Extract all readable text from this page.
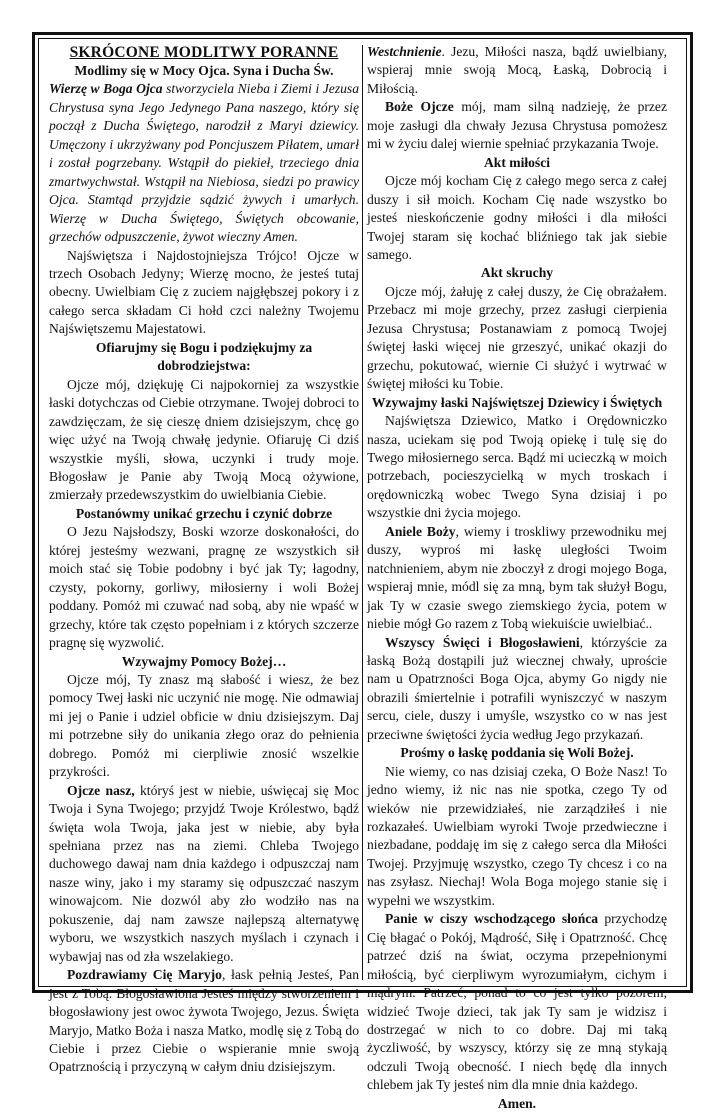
SKRÓCONE MODLITWY PORANNE
Modlimy się w Mocy Ojca. Syna i Ducha Św.

Wierzę w Boga Ojca stworzyciela Nieba i Ziemi i Jezusa Chrystusa syna Jego Jedynego Pana naszego, który się począł z Ducha Świętego, narodził z Maryi dziewicy. Umęczony i ukrzyżwany pod Poncjuszem Piłatem, umarł i został pogrzebany. Wstąpił do piekieł, trzeciego dnia zmartwychwstał. Wstąpił na Niebiosa, siedzi po prawicy Ojca. Stamtąd przyjdzie sądzić żywych i umarłych. Wierzę w Ducha Świętego, Świętych obcowanie, grzechów odpuszczenie, żywot wieczny Amen.

Najświętsza i Najdostojniejsza Trójco! Ojcze w trzech Osobach Jedyny; Wierzę mocno, że jesteś tutaj obecny. Uwielbiam Cię z zuciem najgłębszej pokory i z całego serca składam Ci hołd czci należny Twojemu Najświętszemu Majestatowi.

Ofiarujmy się Bogu i podziękujmy za dobrodziejstwa:

Ojcze mój, dziękuję Ci najpokorniej za wszystkie łaski dotychczas od Ciebie otrzymane. Twojej dobroci to zawdzięczam, że się cieszę dniem dzisiejszym, chcę go więc użyć na Twoją chwałę jedynie. Ofiaruję Ci dziś wszystkie myśli, słowa, uczynki i trudy moje. Błogosław je Panie aby Twoją Mocą ożywione, zmierzały przedewszystkim do uwielbiania Ciebie.

Postanówmy unikać grzechu i czynić dobrze

O Jezu Najsłodszy, Boski wzorze doskonałości, do której jesteśmy wezwani, pragnę ze wszystkich sił moich stać się Tobie podobny i być jak Ty; łagodny, czysty, pokorny, gorliwy, miłosierny i woli Bożej poddany. Pomóż mi czuwać nad sobą, aby nie wpaść w grzechy, które tak często popełniam i z których szczerze pragnę się wyzwolić.

Wzywajmy Pomocy Bożej…

Ojcze mój, Ty znasz mą słabość i wiesz, że bez pomocy Twej łaski nic uczynić nie mogę. Nie odmawiaj mi jej o Panie i udziel obficie w dniu dzisiejszym. Daj mi potrzebne siły do unikania złego oraz do pełnienia dobrego. Pomóż mi cierpliwie znosić wszelkie przykrości.

Ojcze nasz, któryś jest w niebie, uświęcaj się Moc Twoja i Syna Twojego; przyjdź Twoje Królestwo, bądź święta wola Twoja, jaka jest w niebie, aby była spełniana przez nas na ziemi. Chleba Twojego duchowego dawaj nam dnia każdego i odpuszczaj nam nasze winy, jako i my staramy się odpuszczać naszym winowajcom. Nie dozwól aby zło wodziło nas na pokuszenie, daj nam zawsze najlepszą alternatywę wyboru, we wszystkich naszych myślach i czynach i wybawjaj nas od zła wszelakiego.

Pozdrawiamy Cię Maryjo, łask pełnią Jesteś, Pan jest z Tobą. Błogosławiona Jesteś między stworzeniem i błogosławiony jest owoc żywota Twojego, Jezus. Święta Maryjo, Matko Boża i nasza Matko, modlę się z Tobą do Ciebie i przez Ciebie o wspieranie mnie swoją Opatrznością i przyczyną w całym dniu dzisiejszym.

Westchnienie. Jezu, Miłości nasza, bądź uwielbiany, wspieraj mnie swoją Mocą, Łaską, Dobrocią i Miłością.

Boże Ojcze mój, mam silną nadzieję, że przez moje zasługi dla chwały Jezusa Chrystusa pomożesz mi w życiu dalej wiernie spełniać przykazania Twoje.

Akt miłości

Ojcze mój kocham Cię z całego mego serca z całej duszy i sił moich. Kocham Cię nade wszystko bo jesteś nieskończenie godny miłości i dla miłości Twojej staram się kochać bliźniego tak jak siebie samego.

Akt skruchy

Ojcze mój, żałuję z całej duszy, że Cię obrażałem. Przebacz mi moje grzechy, przez zasługi cierpienia Jezusa Chrystusa; Postanawiam z pomocą Twojej świętej łaski więcej nie grzeszyć, unikać okazji do grzechu, pokutować, wiernie Ci służyć i wytrwać w świętej miłości ku Tobie.

Wzywajmy łaski Najświętszej Dziewicy i Świętych

Najświętsza Dziewico, Matko i Orędowniczko nasza, uciekam się pod Twoją opiekę i tulę się do Twego miłosiernego serca. Bądź mi ucieczką w moich potrzebach, pocieszycielką w mych troskach i orędowniczką wobec Twego Syna dzisiaj i po wszystkie dni życia mojego.

Aniele Boży, wiemy i troskliwy przewodniku mej duszy, wyproś mi łaskę uległości Twoim natchnieniem, abym nie zboczył z drogi mojego Boga, wspieraj mnie, módl się za mną, bym tak służył Bogu, jak Ty w czasie swego ziemskiego życia, potem w niebie mógł Go razem z Tobą wiekuiście uwielbiać..

Wszyscy Święci i Błogosławieni, którzyście za łaską Bożą dostąpili już wiecznej chwały, uproście nam u Opatrzności Boga Ojca, abymy Go nigdy nie obrazili śmiertelnie i potrafili wyniszczyć w naszym sercu, ciele, duszy i umyśle, wszystko co w nas jest przeciwne świętości życia według Jego przykazań.

Prośmy o łaskę poddania się Woli Bożej.

Nie wiemy, co nas dzisiaj czeka, O Boże Nasz! To jedno wiemy, iż nic nas nie spotka, czego Ty od wieków nie przewidziałeś, nie zarządziłeś i nie rozkazałeś. Uwielbiam wyroki Twoje przedwieczne i niezbadane, poddaję im się z całego serca dla Miłości Twojej. Przyjmuję wszystko, czego Ty chcesz i co na nas zsyłasz. Niechaj! Wola Boga mojego stanie się i wypełni we wszystkim.

Panie w ciszy wschodzącego słońca przychodzę Cię błagać o Pokój, Mądrość, Siłę i Opatrzność. Chcę patrzeć dziś na świat, oczyma przepełnionymi miłością, być cierpliwym wyrozumiałym, cichym i mądrym. Patrzeć, ponad to co jest tylko pozorem, widzieć Twoje dzieci, tak jak Ty sam je widzisz i dostrzegać w nich to co dobre. Daj mi taką życzliwość, by wszyscy, którzy się ze mną stykają odczuli Twoją obecność. I niech będę dla innych chlebem jak Ty jesteś nim dla mnie dnia każdego.

Amen.
